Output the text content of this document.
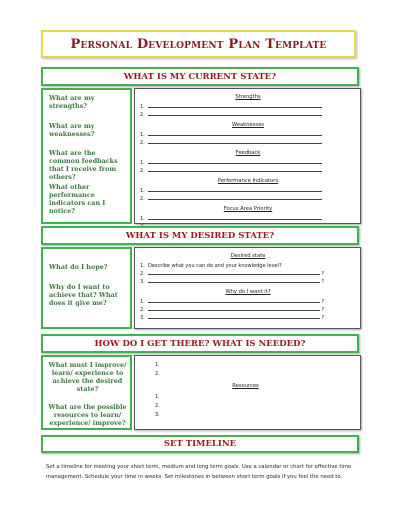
Personal Development Plan Template
WHAT IS MY CURRENT STATE?
What are my strengths?
What are my weaknesses?
What are the common feedbacks that I receive from others?
What other performance indicators can I notice?
Strengths
1.
2.
Weaknesses
1.
2.
Feedback
1.
2.
Performance Indicators
1.
2.
Focus Area Priority
1.
WHAT IS MY DESIRED STATE?
What do I hope?
Why do I want to achieve that? What does it give me?
Desired state
1. Describe what you can do and your knowledge level?
2.	?
3.	?
Why do I want it?
1.	?
2.	?
3.	?
HOW DO I GET THERE? WHAT IS NEEDED?
What must I improve/ learn/ experience to achieve the desired state?
What are the possible resources to learn/ experience/ improve?
1.
2.
Resources
1.
2.
3.
SET TIMELINE
Set a timeline for meeting your short term, medium and long term goals. Use a calendar or chart for effective time management. Schedule your time in weeks. Set milestones in between short term goals if you feel the need to.
